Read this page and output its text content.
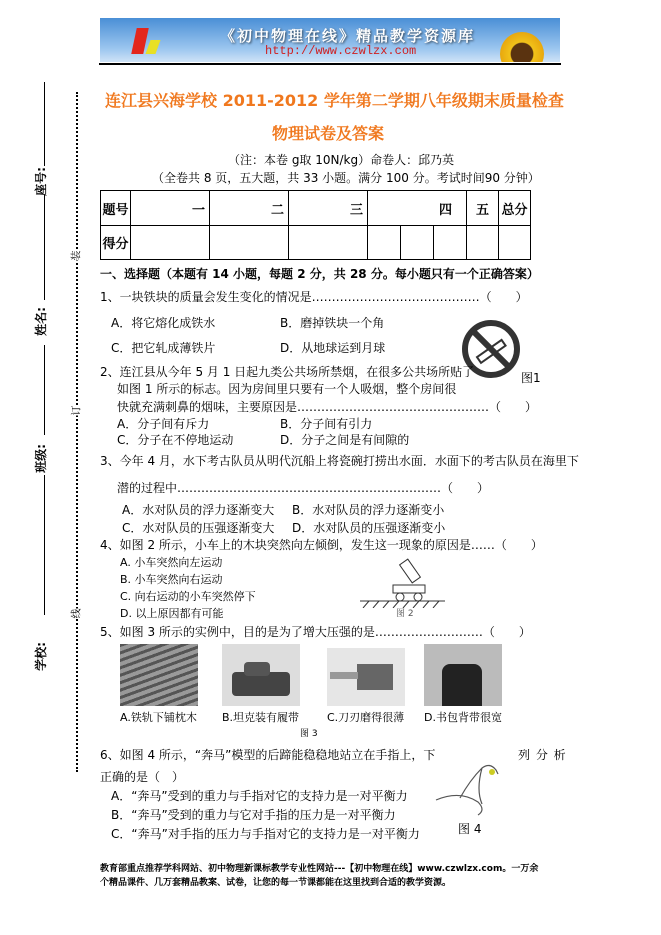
《初中物理在线》精品教学资源库
http://www.czwlzx.com
座号:
姓名:
班级:
学校:
装
订
线
连江县兴海学校 2011-2012 学年第二学期八年级期末质量检查
物理试卷及答案
（注：本卷 g取 10N/kg）命卷人：邱乃英
（全卷共 8 页，五大题，共 33 小题。满分 100 分。考试时间90 分钟）
题号	一	二	三	四			五	总分
得分								
一、选择题（本题有 14 小题，每题 2 分，共 28 分。每小题只有一个正确答案）
1、一块铁块的质量会发生变化的情况是……………………………………（　　）
A．将它熔化成铁水	B．磨掉铁块一个角
C．把它轧成薄铁片	D．从地球运到月球
图1
2、连江县从今年 5 月 1 日起九类公共场所禁烟，在很多公共场所贴了
如图 1 所示的标志。因为房间里只要有一个人吸烟，整个房间很
快就充满刺鼻的烟味，主要原因是…………………………………………（　　）
A．分子间有斥力	B．分子间有引力
C．分子在不停地运动	D．分子之间是有间隙的
3、今年 4 月，水下考古队员从明代沉船上将瓷碗打捞出水面．水面下的考古队员在海里下
潜的过程中…………………………………………………………（　　）
A．水对队员的浮力逐渐变大 B．水对队员的浮力逐渐变小
C．水对队员的压强逐渐变大 D．水对队员的压强逐渐变小
4、如图 2 所示，小车上的木块突然向左倾倒，发生这一现象的原因是……（　　）
A. 小车突然向左运动
B. 小车突然向右运动
C. 向右运动的小车突然停下
D. 以上原因都有可能	图 2
5、如图 3 所示的实例中，目的是为了增大压强的是………………………（　　）
A.铁轨下铺枕木 B.坦克装有履带	C.刀刃磨得很薄 D.书包背带很宽
图 3
6、如图 4 所示，“奔马”模型的后蹄能稳稳地站立在手指上，下	列 分 析
正确的是（　）
A．“奔马”受到的重力与手指对它的支持力是一对平衡力
B．“奔马”受到的重力与它对手指的压力是一对平衡力
C．“奔马”对手指的压力与手指对它的支持力是一对平衡力	图 4
教育部重点推荐学科网站、初中物理新课标教学专业性网站---【初中物理在线】www.czwlzx.com。一万余
个精品课件、几万套精品教案、试卷，让您的每一节课都能在这里找到合适的教学资源。
